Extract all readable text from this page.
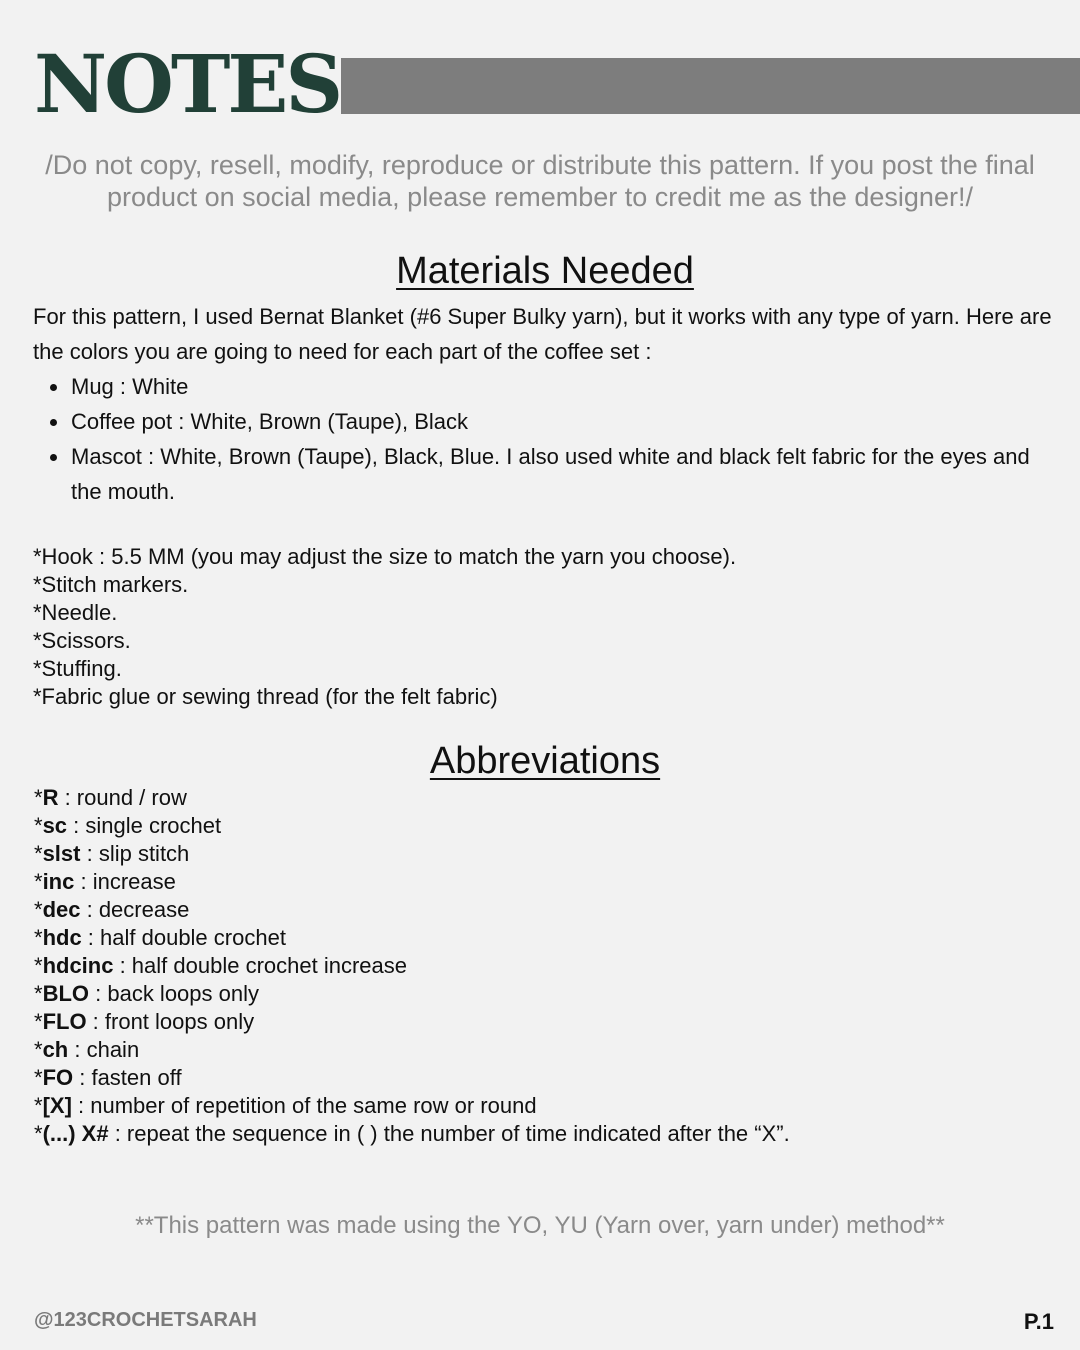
NOTES

/Do not copy, resell, modify, reproduce or distribute this pattern. If you post the final product on social media, please remember to credit me as the designer!/

Materials Needed

For this pattern, I used Bernat Blanket (#6 Super Bulky yarn), but it works with any type of yarn. Here are the colors you are going to need for each part of the coffee set :

Mug : White
Coffee pot : White, Brown (Taupe), Black
Mascot : White, Brown (Taupe), Black, Blue. I also used white and black felt fabric for the eyes and the mouth.
*Hook : 5.5 MM (you may adjust the size to match the yarn you choose).
*Stitch markers.
*Needle.
*Scissors.
*Stuffing.
*Fabric glue or sewing thread (for the felt fabric)
Abbreviations
*R : round / row
*sc : single crochet
*slst : slip stitch
*inc : increase
*dec : decrease
*hdc : half double crochet
*hdcinc : half double crochet increase
*BLO : back loops only
*FLO : front loops only
*ch : chain
*FO : fasten off
*[X] : number of repetition of the same row or round
*(...) X# : repeat the sequence in ( ) the number of time indicated after the “X”.

**This pattern was made using the YO, YU (Yarn over, yarn under) method**

@123CROCHETSARAH	P.1
